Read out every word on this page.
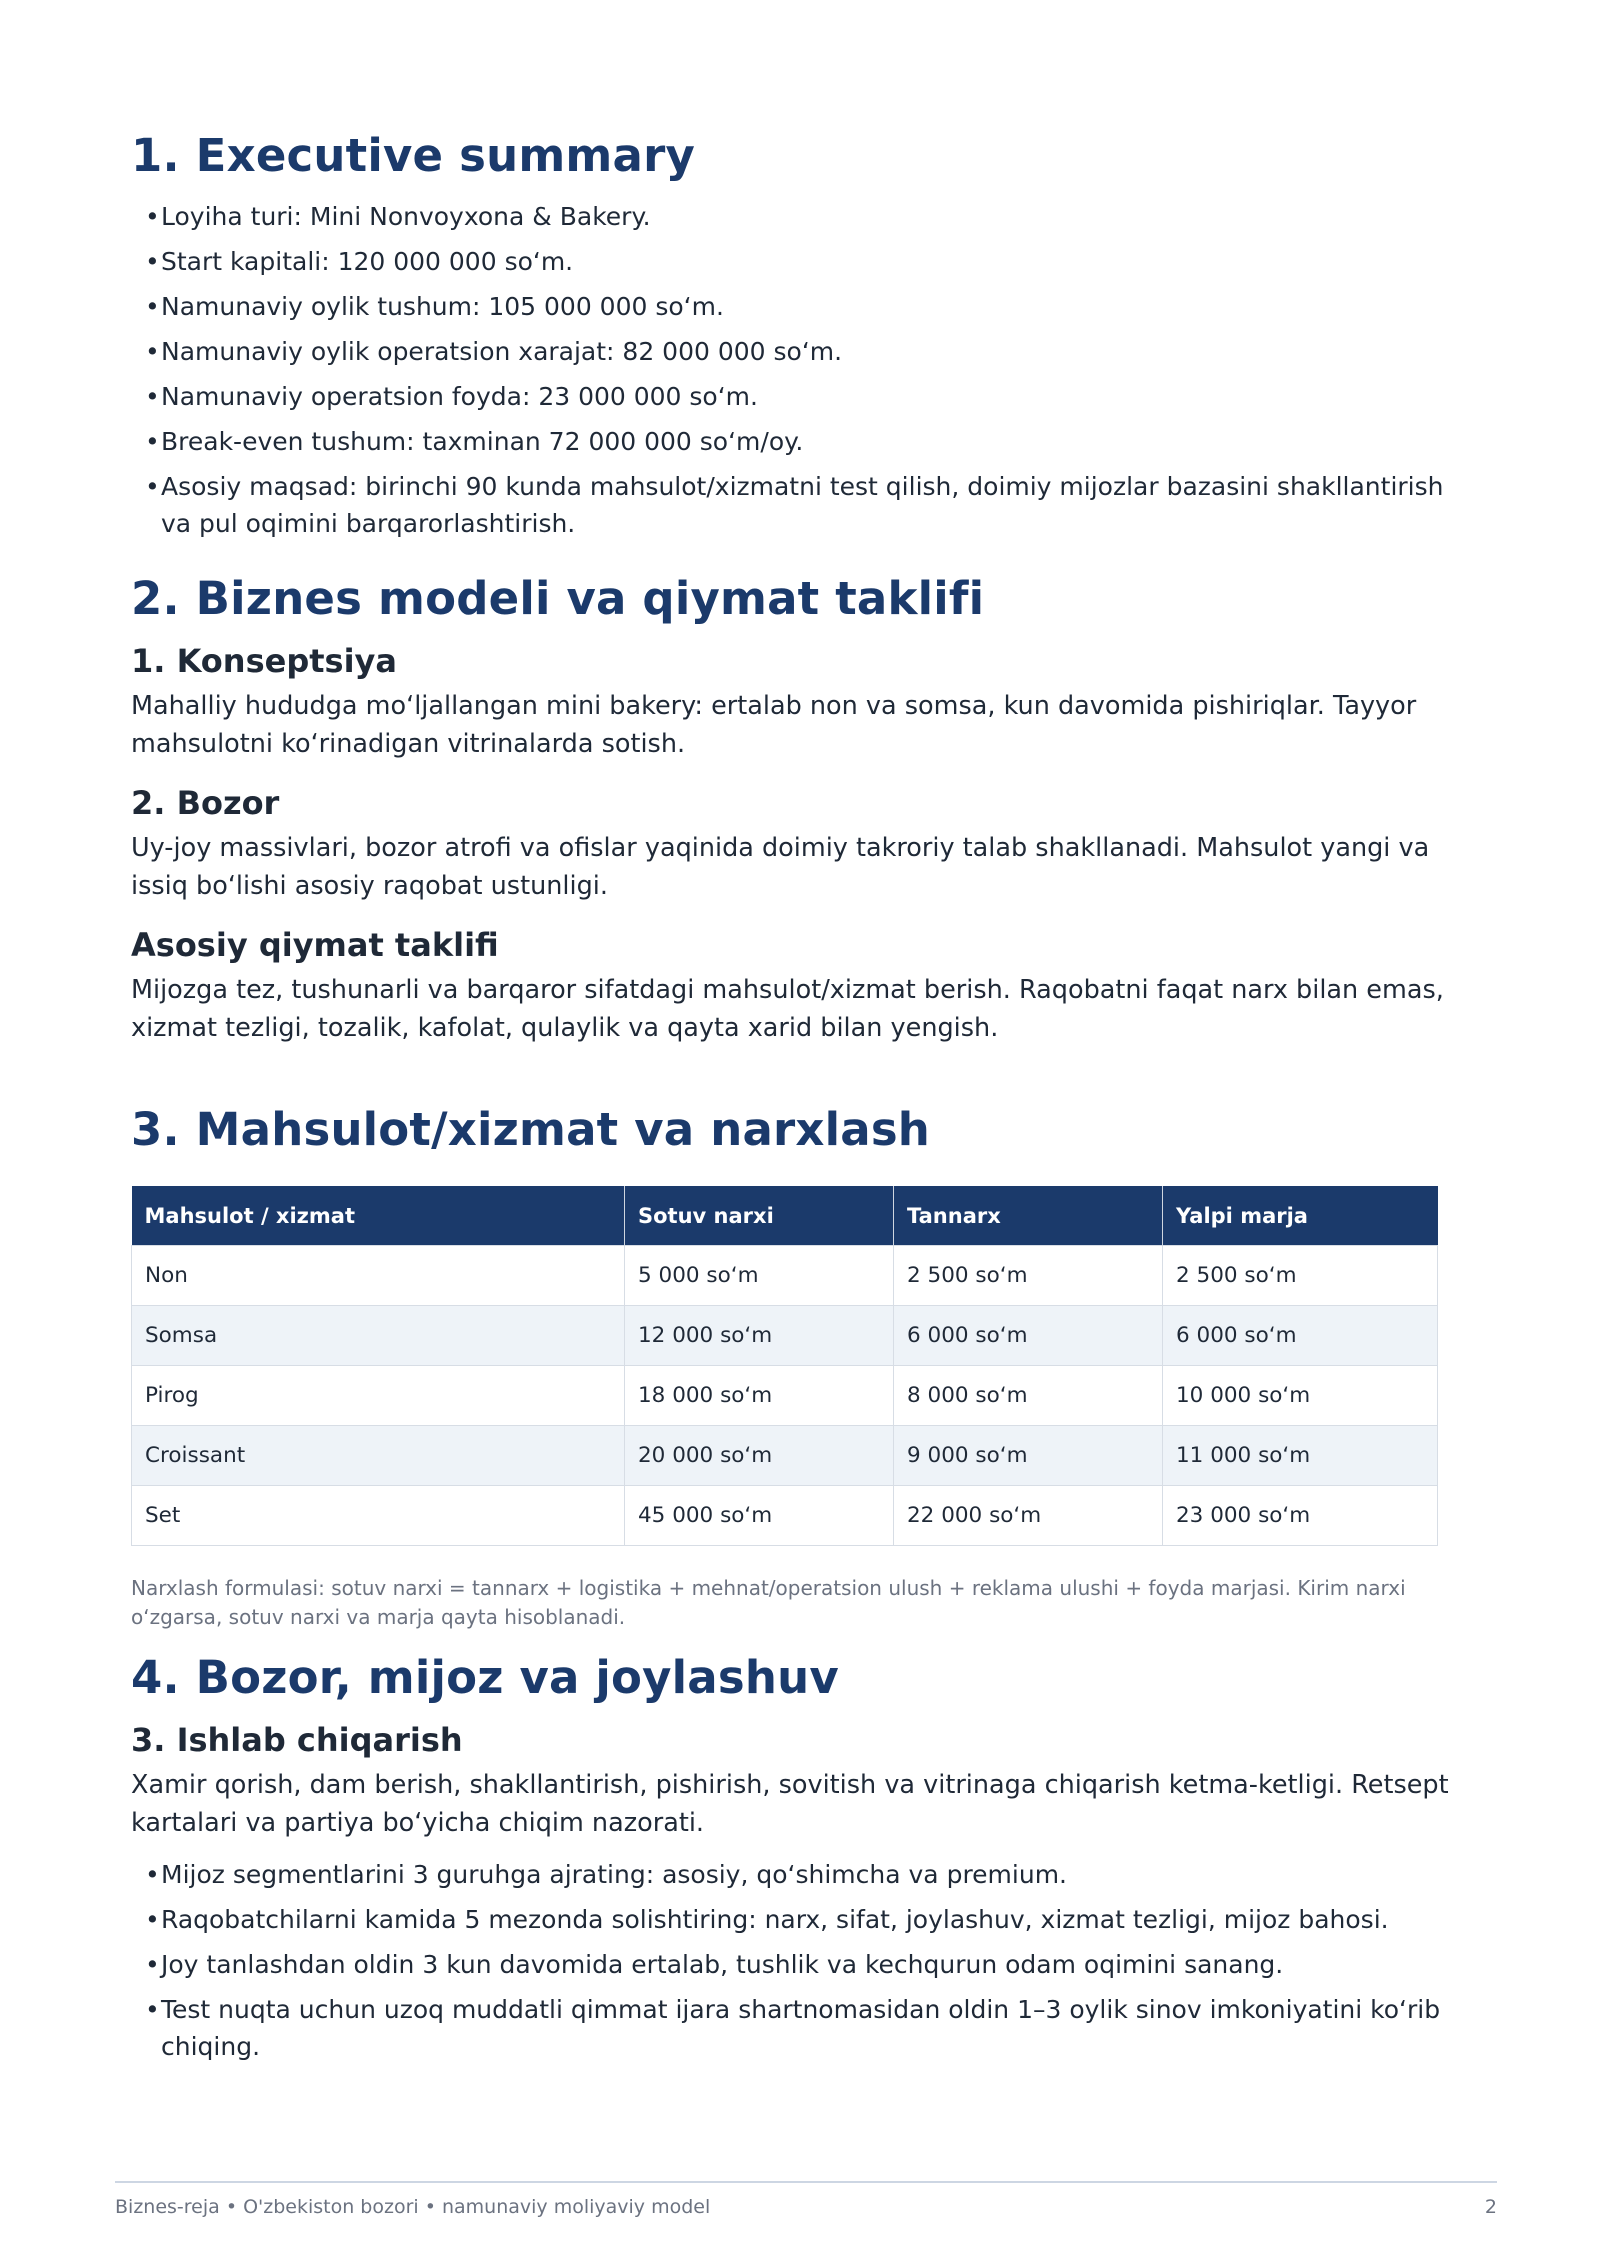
1. Executive summary
• Loyiha turi: Mini Nonvoyxona & Bakery.
• Start kapitali: 120 000 000 so‘m.
• Namunaviy oylik tushum: 105 000 000 so‘m.
• Namunaviy oylik operatsion xarajat: 82 000 000 so‘m.
• Namunaviy operatsion foyda: 23 000 000 so‘m.
• Break-even tushum: taxminan 72 000 000 so‘m/oy.
• Asosiy maqsad: birinchi 90 kunda mahsulot/xizmatni test qilish, doimiy mijozlar bazasini shakllantirish va pul oqimini barqarorlashtirish.
2. Biznes modeli va qiymat taklifi
1. Konseptsiya

Mahalliy hududga mo‘ljallangan mini bakery: ertalab non va somsa, kun davomida pishiriqlar. Tayyor mahsulotni ko‘rinadigan vitrinalarda sotish.

2. Bozor

Uy-joy massivlari, bozor atrofi va ofislar yaqinida doimiy takroriy talab shakllanadi. Mahsulot yangi va issiq bo‘lishi asosiy raqobat ustunligi.

Asosiy qiymat taklifi

Mijozga tez, tushunarli va barqaror sifatdagi mahsulot/xizmat berish. Raqobatni faqat narx bilan emas, xizmat tezligi, tozalik, kafolat, qulaylik va qayta xarid bilan yengish.

3. Mahsulot/xizmat va narxlash
Mahsulot / xizmat	Sotuv narxi	Tannarx	Yalpi marja
Non	5 000 so‘m	2 500 so‘m	2 500 so‘m
Somsa	12 000 so‘m	6 000 so‘m	6 000 so‘m
Pirog	18 000 so‘m	8 000 so‘m	10 000 so‘m
Croissant	20 000 so‘m	9 000 so‘m	11 000 so‘m
Set	45 000 so‘m	22 000 so‘m	23 000 so‘m

Narxlash formulasi: sotuv narxi = tannarx + logistika + mehnat/operatsion ulush + reklama ulushi + foyda marjasi. Kirim narxi o‘zgarsa, sotuv narxi va marja qayta hisoblanadi.

4. Bozor, mijoz va joylashuv
3. Ishlab chiqarish

Xamir qorish, dam berish, shakllantirish, pishirish, sovitish va vitrinaga chiqarish ketma-ketligi. Retsept kartalari va partiya bo‘yicha chiqim nazorati.

• Mijoz segmentlarini 3 guruhga ajrating: asosiy, qo‘shimcha va premium.
• Raqobatchilarni kamida 5 mezonda solishtiring: narx, sifat, joylashuv, xizmat tezligi, mijoz bahosi.
• Joy tanlashdan oldin 3 kun davomida ertalab, tushlik va kechqurun odam oqimini sanang.
• Test nuqta uchun uzoq muddatli qimmat ijara shartnomasidan oldin 1–3 oylik sinov imkoniyatini ko‘rib chiqing.
Biznes-reja • O'zbekiston bozori • namunaviy moliyaviy model	2
